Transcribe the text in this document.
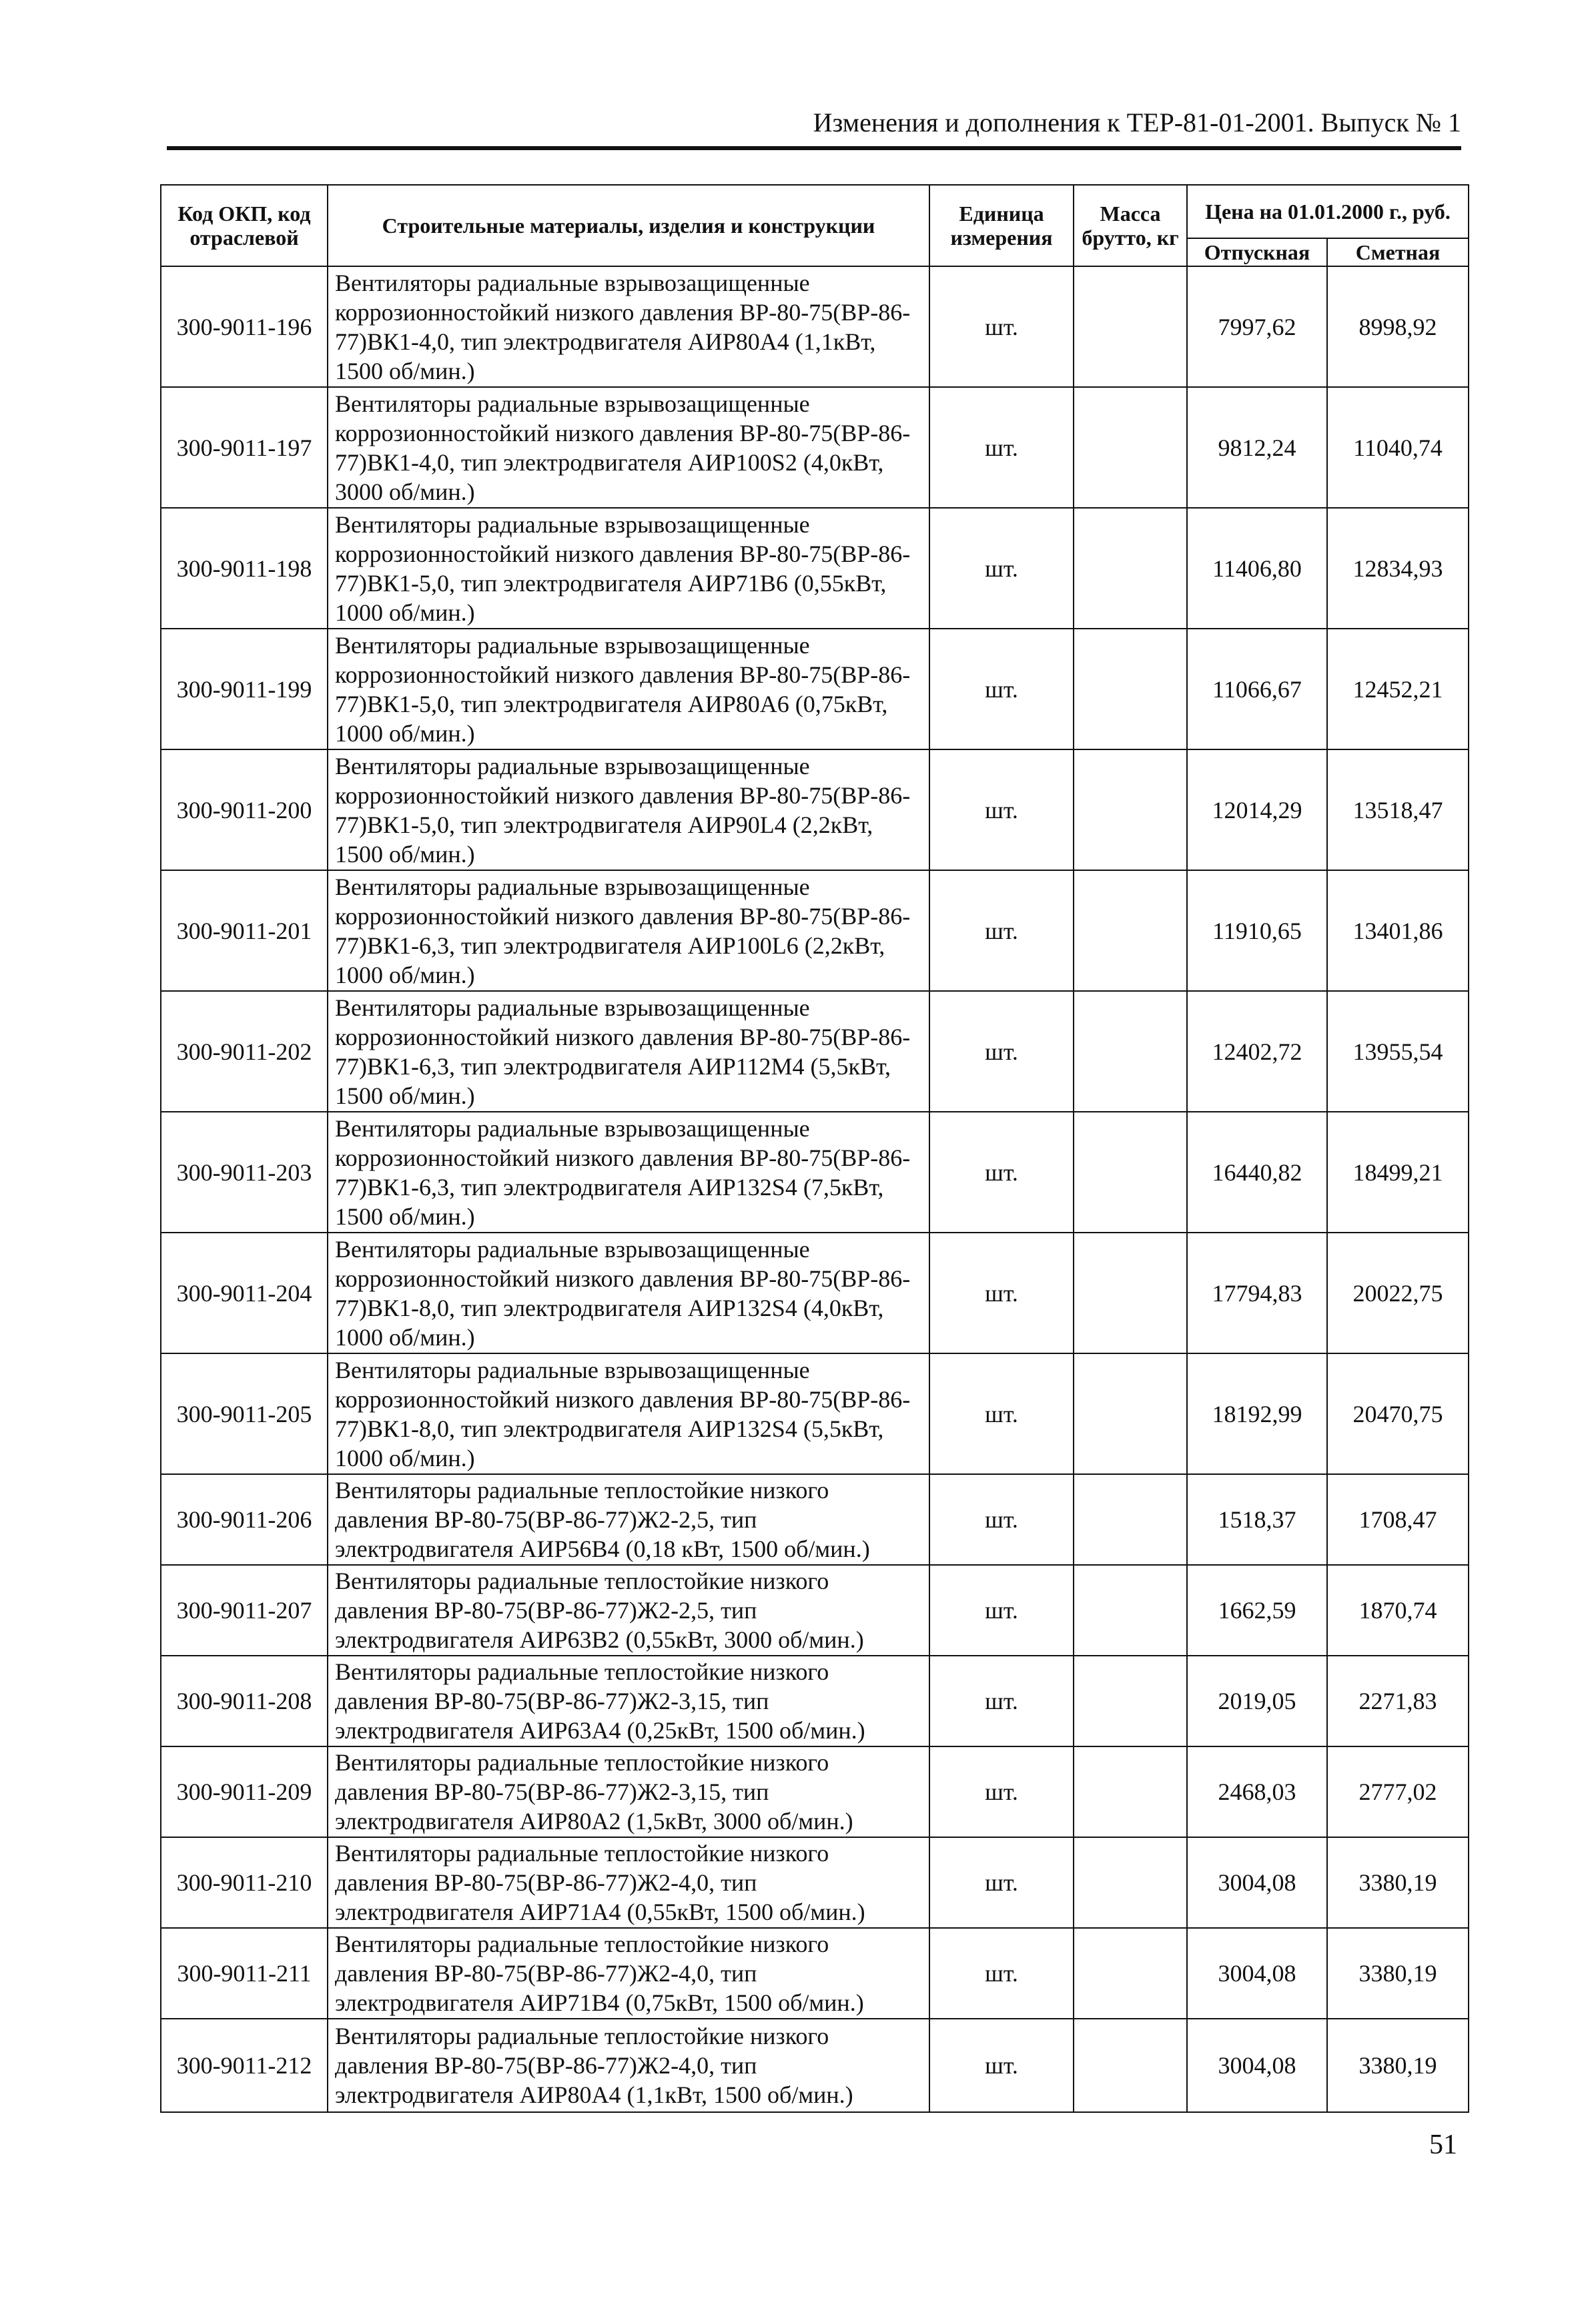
Изменения и дополнения к ТЕР-81-01-2001. Выпуск № 1
Код ОКП, код отраслевой	Строительные материалы, изделия и конструкции	Единица измерения	Масса брутто, кг	Цена на 01.01.2000 г., руб.	
				Отпускная	Сметная
300-9011-196	Вентиляторы радиальные взрывозащищенные коррозионностойкий низкого давления ВР-80-75(ВР-86-77)ВК1-4,0, тип электродвигателя АИР80А4 (1,1кВт, 1500 об/мин.)	шт.		7997,62	8998,92
300-9011-197	Вентиляторы радиальные взрывозащищенные коррозионностойкий низкого давления ВР-80-75(ВР-86-77)ВК1-4,0, тип электродвигателя АИР100S2 (4,0кВт, 3000 об/мин.)	шт.		9812,24	11040,74
300-9011-198	Вентиляторы радиальные взрывозащищенные коррозионностойкий низкого давления ВР-80-75(ВР-86-77)ВК1-5,0, тип электродвигателя АИР71В6 (0,55кВт, 1000 об/мин.)	шт.		11406,80	12834,93
300-9011-199	Вентиляторы радиальные взрывозащищенные коррозионностойкий низкого давления ВР-80-75(ВР-86-77)ВК1-5,0, тип электродвигателя АИР80А6 (0,75кВт, 1000 об/мин.)	шт.		11066,67	12452,21
300-9011-200	Вентиляторы радиальные взрывозащищенные коррозионностойкий низкого давления ВР-80-75(ВР-86-77)ВК1-5,0, тип электродвигателя АИР90L4 (2,2кВт, 1500 об/мин.)	шт.		12014,29	13518,47
300-9011-201	Вентиляторы радиальные взрывозащищенные коррозионностойкий низкого давления ВР-80-75(ВР-86-77)ВК1-6,3, тип электродвигателя АИР100L6 (2,2кВт, 1000 об/мин.)	шт.		11910,65	13401,86
300-9011-202	Вентиляторы радиальные взрывозащищенные коррозионностойкий низкого давления ВР-80-75(ВР-86-77)ВК1-6,3, тип электродвигателя АИР112М4 (5,5кВт, 1500 об/мин.)	шт.		12402,72	13955,54
300-9011-203	Вентиляторы радиальные взрывозащищенные коррозионностойкий низкого давления ВР-80-75(ВР-86-77)ВК1-6,3, тип электродвигателя АИР132S4 (7,5кВт, 1500 об/мин.)	шт.		16440,82	18499,21
300-9011-204	Вентиляторы радиальные взрывозащищенные коррозионностойкий низкого давления ВР-80-75(ВР-86-77)ВК1-8,0, тип электродвигателя АИР132S4 (4,0кВт, 1000 об/мин.)	шт.		17794,83	20022,75
300-9011-205	Вентиляторы радиальные взрывозащищенные коррозионностойкий низкого давления ВР-80-75(ВР-86-77)ВК1-8,0, тип электродвигателя АИР132S4 (5,5кВт, 1000 об/мин.)	шт.		18192,99	20470,75
300-9011-206	Вентиляторы радиальные теплостойкие низкого давления ВР-80-75(ВР-86-77)Ж2-2,5, тип электродвигателя АИР56В4 (0,18 кВт, 1500 об/мин.)	шт.		1518,37	1708,47
300-9011-207	Вентиляторы радиальные теплостойкие низкого давления ВР-80-75(ВР-86-77)Ж2-2,5, тип электродвигателя АИР63В2 (0,55кВт, 3000 об/мин.)	шт.		1662,59	1870,74
300-9011-208	Вентиляторы радиальные теплостойкие низкого давления ВР-80-75(ВР-86-77)Ж2-3,15, тип электродвигателя АИР63А4 (0,25кВт, 1500 об/мин.)	шт.		2019,05	2271,83
300-9011-209	Вентиляторы радиальные теплостойкие низкого давления ВР-80-75(ВР-86-77)Ж2-3,15, тип электродвигателя АИР80А2 (1,5кВт, 3000 об/мин.)	шт.		2468,03	2777,02
300-9011-210	Вентиляторы радиальные теплостойкие низкого давления ВР-80-75(ВР-86-77)Ж2-4,0, тип электродвигателя АИР71А4 (0,55кВт, 1500 об/мин.)	шт.		3004,08	3380,19
300-9011-211	Вентиляторы радиальные теплостойкие низкого давления ВР-80-75(ВР-86-77)Ж2-4,0, тип электродвигателя АИР71В4 (0,75кВт, 1500 об/мин.)	шт.		3004,08	3380,19
300-9011-212	Вентиляторы радиальные теплостойкие низкого давления ВР-80-75(ВР-86-77)Ж2-4,0, тип электродвигателя АИР80А4 (1,1кВт, 1500 об/мин.)	шт.		3004,08	3380,19
51
